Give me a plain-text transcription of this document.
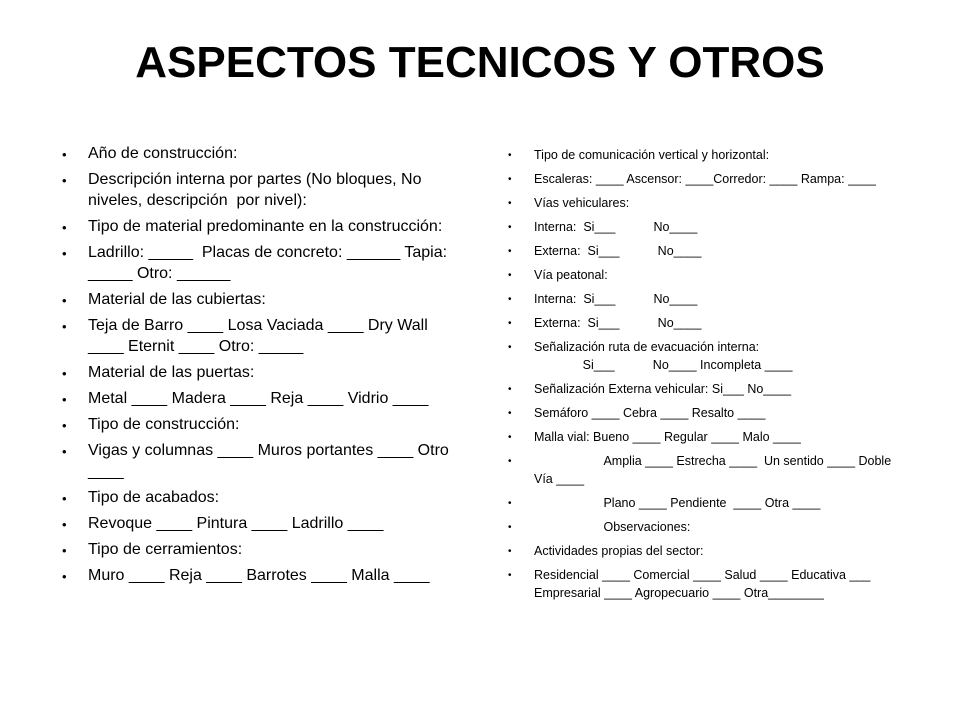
ASPECTOS TECNICOS Y OTROS
• Año de construcción:
• Descripción interna por partes (No bloques, No niveles, descripción  por nivel):
• Tipo de material predominante en la construcción:
• Ladrillo: _____  Placas de concreto: ______ Tapia: _____ Otro: ______
• Material de las cubiertas:
• Teja de Barro ____ Losa Vaciada ____ Dry Wall ____ Eternit ____ Otro: _____
• Material de las puertas:
• Metal ____ Madera ____ Reja ____ Vidrio ____
• Tipo de construcción:
• Vigas y columnas ____ Muros portantes ____ Otro ____
• Tipo de acabados:
• Revoque ____ Pintura ____ Ladrillo ____
• Tipo de cerramientos:
• Muro ____ Reja ____ Barrotes ____ Malla ____
• Tipo de comunicación vertical y horizontal:
• Escaleras: ____ Ascensor: ____Corredor: ____ Rampa: ____
• Vías vehiculares:
• Interna:  Si___           No____
• Externa:  Si___           No____
• Vía peatonal:
• Interna:  Si___           No____
• Externa:  Si___           No____
• Señalización ruta de evacuación interna:
Si___           No____ Incompleta ____
• Señalización Externa vehicular: Si___ No____
• Semáforo ____ Cebra ____ Resalto ____
• Malla vial: Bueno ____ Regular ____ Malo ____
• Amplia ____ Estrecha ____  Un sentido ____ Doble Vía ____
• Plano ____ Pendiente  ____ Otra ____
• Observaciones:
• Actividades propias del sector:
• Residencial ____ Comercial ____ Salud ____ Educativa ___ Empresarial ____ Agropecuario ____ Otra________
